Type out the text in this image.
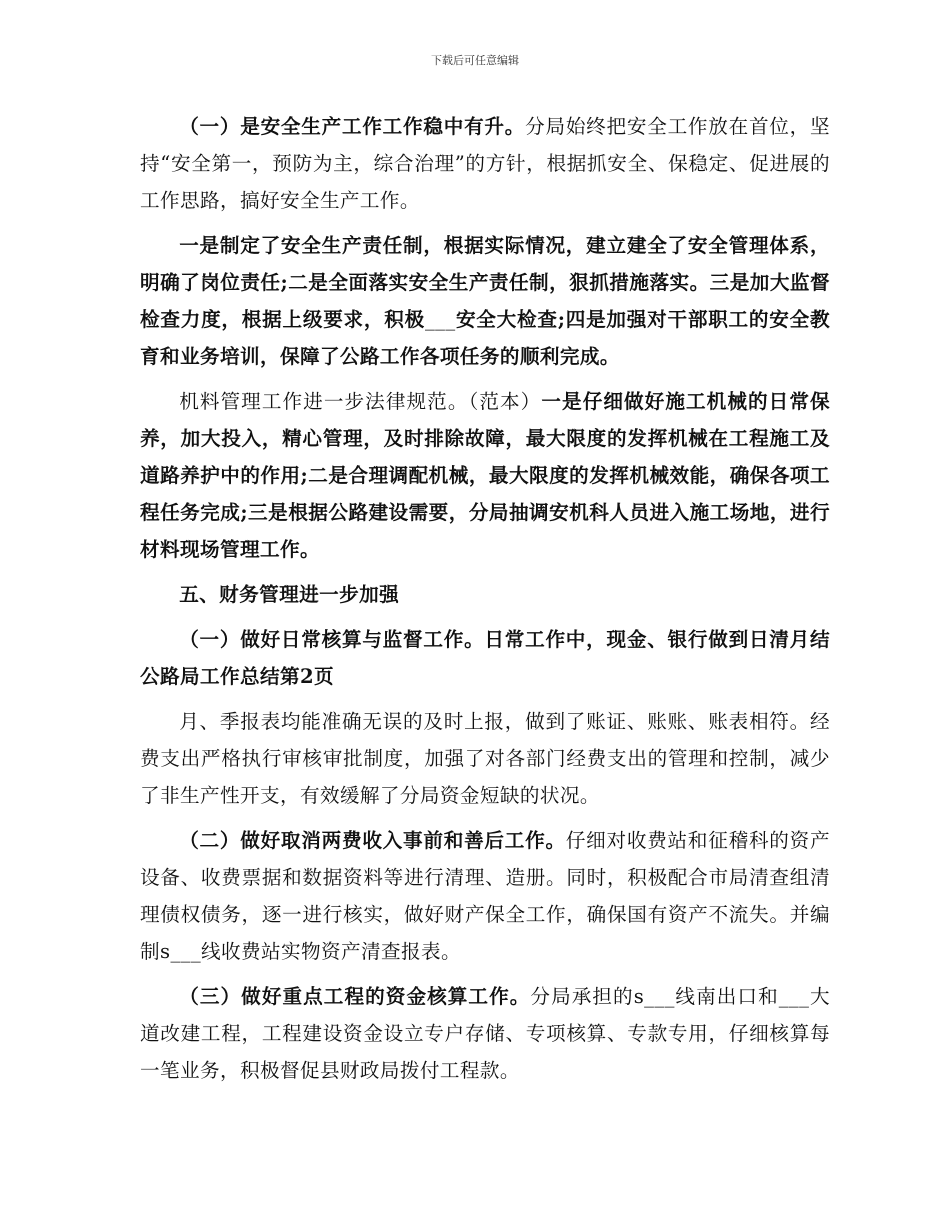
下载后可任意编辑

（一）是安全生产工作工作稳中有升。分局始终把安全工作放在首位，坚持“安全第一，预防为主，综合治理”的方针，根据抓安全、保稳定、促进展的工作思路，搞好安全生产工作。

一是制定了安全生产责任制，根据实际情况，建立建全了安全管理体系，明确了岗位责任;二是全面落实安全生产责任制，狠抓措施落实。三是加大监督检查力度，根据上级要求，积极___安全大检查;四是加强对干部职工的安全教育和业务培训，保障了公路工作各项任务的顺利完成。

机料管理工作进一步法律规范。（范本）一是仔细做好施工机械的日常保养，加大投入，精心管理，及时排除故障，最大限度的发挥机械在工程施工及道路养护中的作用;二是合理调配机械，最大限度的发挥机械效能，确保各项工程任务完成;三是根据公路建设需要，分局抽调安机科人员进入施工场地，进行材料现场管理工作。

五、财务管理进一步加强

（一）做好日常核算与监督工作。日常工作中，现金、银行做到日清月结公路局工作总结第2页

月、季报表均能准确无误的及时上报，做到了账证、账账、账表相符。经费支出严格执行审核审批制度，加强了对各部门经费支出的管理和控制，减少了非生产性开支，有效缓解了分局资金短缺的状况。

（二）做好取消两费收入事前和善后工作。仔细对收费站和征稽科的资产设备、收费票据和数据资料等进行清理、造册。同时，积极配合市局清查组清理债权债务，逐一进行核实，做好财产保全工作，确保国有资产不流失。并编制s___线收费站实物资产清查报表。

（三）做好重点工程的资金核算工作。分局承担的s___线南出口和___大道改建工程，工程建设资金设立专户存储、专项核算、专款专用，仔细核算每一笔业务，积极督促县财政局拨付工程款。
